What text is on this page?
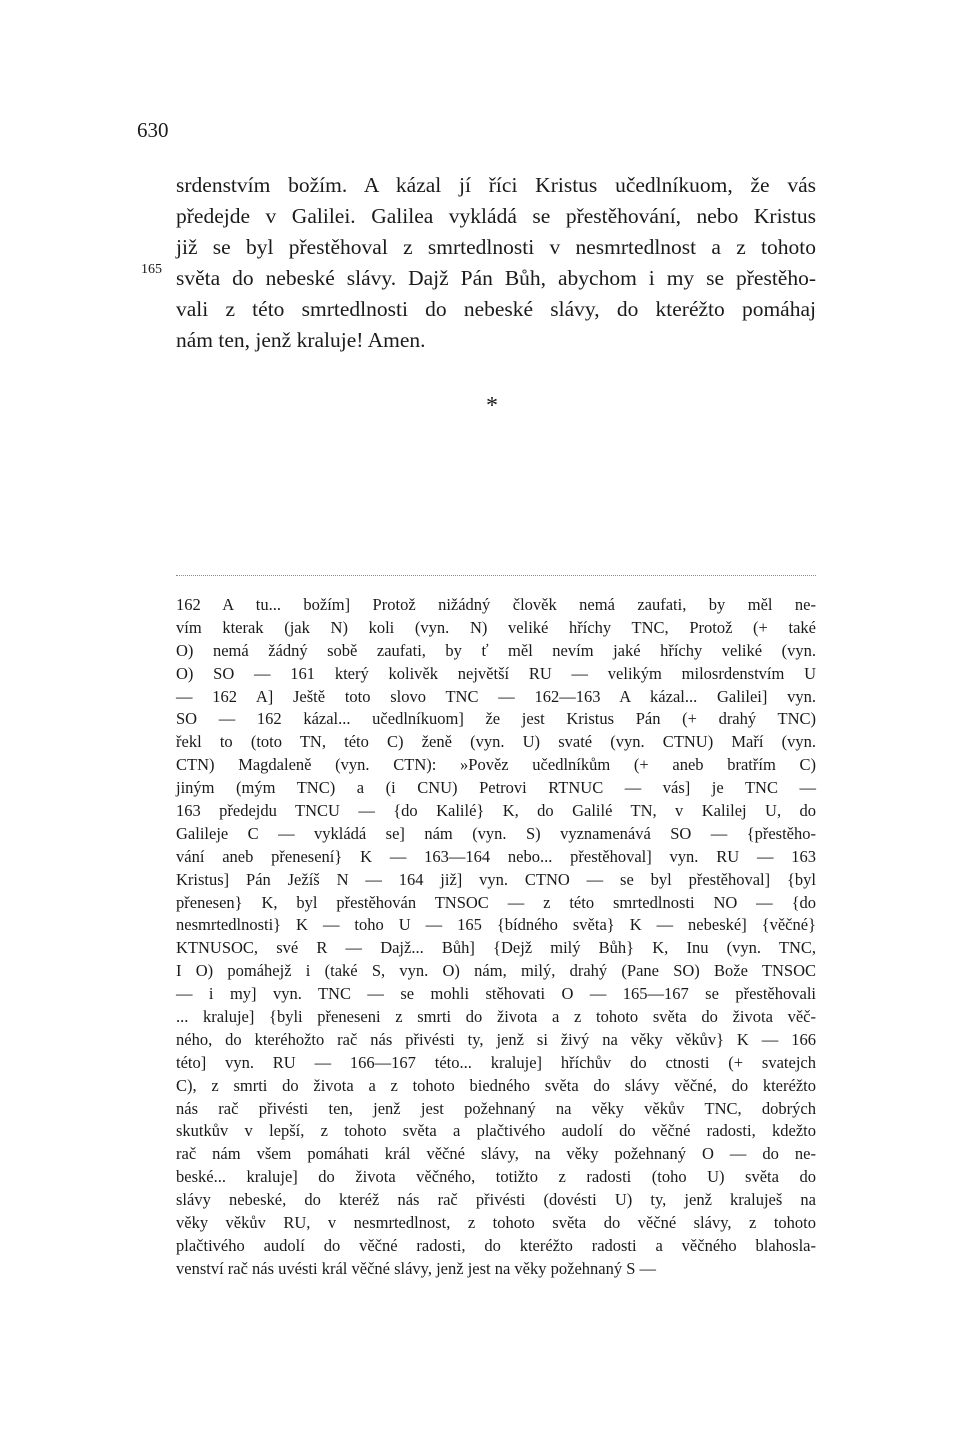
630
165
srdenstvím božím. A kázal jí říci Kristus učedlníkuom, že vás
předejde v Galilei. Galilea vykládá se přestěhování, nebo Kristus
již se byl přestěhoval z smrtedlnosti v nesmrtedlnost a z tohoto
světa do nebeské slávy. Dajž Pán Bůh, abychom i my se přestěho-
vali z této smrtedlnosti do nebeské slávy, do kteréžto pomáhaj
nám ten, jenž kraluje! Amen.
*
162 A tu... božím] Protož nižádný člověk nemá zaufati, by měl ne-
vím kterak (jak N) koli (vyn. N) veliké hříchy TNC, Protož (+ také
O) nemá žádný sobě zaufati, by ť měl nevím jaké hříchy veliké (vyn.
O) SO — 161 který kolivěk největší RU — velikým milosrdenstvím U
— 162 A] Ještě toto slovo TNC — 162—163 A kázal... Galilei] vyn.
SO — 162 kázal... učedlníkuom] že jest Kristus Pán (+ drahý TNC)
řekl to (toto TN, této C) ženě (vyn. U) svaté (vyn. CTNU) Maří (vyn.
CTN) Magdaleně (vyn. CTN): »Pověz učedlníkům (+ aneb bratřím C)
jiným (mým TNC) a (i CNU) Petrovi RTNUC — vás] je TNC —
163 předejdu TNCU — {do Kalilé} K, do Galilé TN, v Kalilej U, do
Galileje C — vykládá se] nám (vyn. S) vyznamenává SO — {přestěho-
vání aneb přenesení} K — 163—164 nebo... přestěhoval] vyn. RU — 163
Kristus] Pán Ježíš N — 164 již] vyn. CTNO — se byl přestěhoval] {byl
přenesen} K, byl přestěhován TNSOC — z této smrtedlnosti NO — {do
nesmrtedlnosti} K — toho U — 165 {bídného světa} K — nebeské] {věčné}
KTNUSOC, své R — Dajž... Bůh] {Dejž milý Bůh} K, Inu (vyn. TNC,
I O) pomáhejž i (také S, vyn. O) nám, milý, drahý (Pane SO) Bože TNSOC
— i my] vyn. TNC — se mohli stěhovati O — 165—167 se přestěhovali
... kraluje] {byli přeneseni z smrti do života a z tohoto světa do života věč-
ného, do kteréhožto rač nás přivésti ty, jenž si živý na věky věkův} K — 166
této] vyn. RU — 166—167 této... kraluje] hříchův do ctnosti (+ svatejch
C), z smrti do života a z tohoto biedného světa do slávy věčné, do kteréžto
nás rač přivésti ten, jenž jest požehnaný na věky věkův TNC, dobrých
skutkův v lepší, z tohoto světa a plačtivého audolí do věčné radosti, kdežto
rač nám všem pomáhati král věčné slávy, na věky požehnaný O — do ne-
beské... kraluje] do života věčného, totižto z radosti (toho U) světa do
slávy nebeské, do kteréž nás rač přivésti (dovésti U) ty, jenž kraluješ na
věky věkův RU, v nesmrtedlnost, z tohoto světa do věčné slávy, z tohoto
plačtivého audolí do věčné radosti, do kteréžto radosti a věčného blahosla-
venství rač nás uvésti král věčné slávy, jenž jest na věky požehnaný S —
